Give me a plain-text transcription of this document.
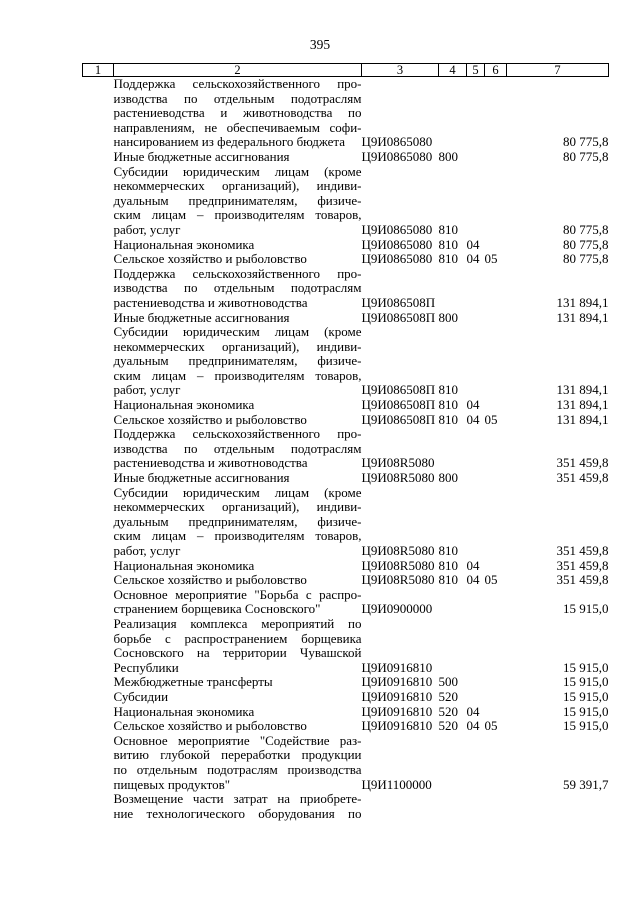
395
1	2	3	4	5	6	7

	Поддержка сельскохозяйственного про-
изводства по отдельным подотраслям
растениеводства и животноводства по
направлениям, не обеспечиваемым софи-
нансированием из федерального бюджета	Ц9И0865080				80 775,8

	Иные бюджетные ассигнования	Ц9И0865080	800			80 775,8

	Субсидии юридическим лицам (кроме
некоммерческих организаций), индиви-
дуальным предпринимателям, физиче-
ским лицам – производителям товаров,
работ, услуг	Ц9И0865080	810			80 775,8

	Национальная экономика	Ц9И0865080	810	04		80 775,8

	Сельское хозяйство и рыболовство	Ц9И0865080	810	04	05	80 775,8

	Поддержка сельскохозяйственного про-
изводства по отдельным подотраслям
растениеводства и животноводства	Ц9И086508П				131 894,1

	Иные бюджетные ассигнования	Ц9И086508П	800			131 894,1

	Субсидии юридическим лицам (кроме
некоммерческих организаций), индиви-
дуальным предпринимателям, физиче-
ским лицам – производителям товаров,
работ, услуг	Ц9И086508П	810			131 894,1

	Национальная экономика	Ц9И086508П	810	04		131 894,1

	Сельское хозяйство и рыболовство	Ц9И086508П	810	04	05	131 894,1

	Поддержка сельскохозяйственного про-
изводства по отдельным подотраслям
растениеводства и животноводства	Ц9И08R5080				351 459,8

	Иные бюджетные ассигнования	Ц9И08R5080	800			351 459,8

	Субсидии юридическим лицам (кроме
некоммерческих организаций), индиви-
дуальным предпринимателям, физиче-
ским лицам – производителям товаров,
работ, услуг	Ц9И08R5080	810			351 459,8

	Национальная экономика	Ц9И08R5080	810	04		351 459,8

	Сельское хозяйство и рыболовство	Ц9И08R5080	810	04	05	351 459,8

	Основное мероприятие "Борьба с распро-
странением борщевика Сосновского"	Ц9И0900000				15 915,0

	Реализация комплекса мероприятий по
борьбе с распространением борщевика
Сосновского на территории Чувашской
Республики	Ц9И0916810				15 915,0

	Межбюджетные трансферты	Ц9И0916810	500			15 915,0

	Субсидии	Ц9И0916810	520			15 915,0

	Национальная экономика	Ц9И0916810	520	04		15 915,0

	Сельское хозяйство и рыболовство	Ц9И0916810	520	04	05	15 915,0

	Основное мероприятие "Содействие раз-
витию глубокой переработки продукции
по отдельным подотраслям производства
пищевых продуктов"	Ц9И1100000				59 391,7

	Возмещение части затрат на приобрете-
ние технологического оборудования по					
